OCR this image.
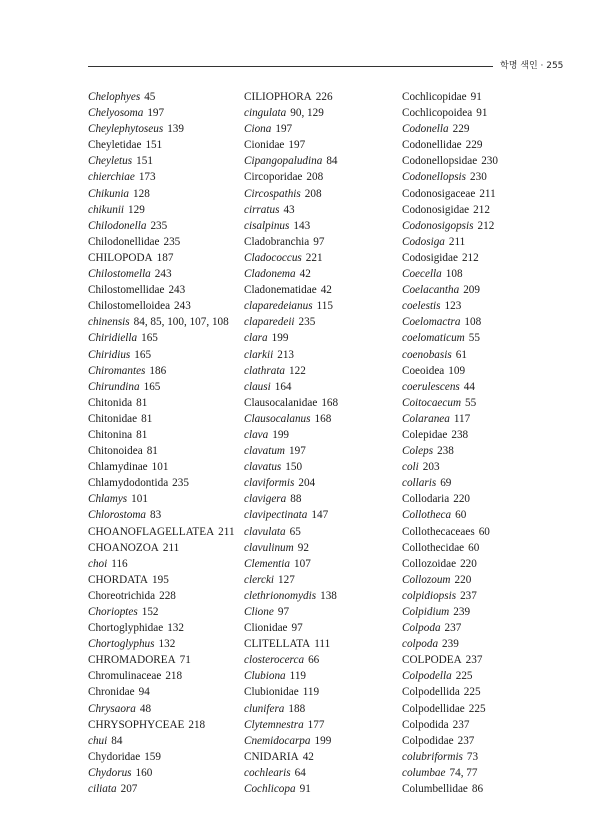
학명 색인 · 255
Chelophyes 45
Chelyosoma 197
Cheylephytoseus 139
Cheyletidae 151
Cheyletus 151
chierchiae 173
Chikunia 128
chikunii 129
Chilodonella 235
Chilodonellidae 235
CHILOPODA 187
Chilostomella 243
Chilostomellidae 243
Chilostomelloidea 243
chinensis 84, 85, 100, 107, 108
Chiridiella 165
Chiridius 165
Chiromantes 186
Chirundina 165
Chitonida 81
Chitonidae 81
Chitonina 81
Chitonoidea 81
Chlamydinae 101
Chlamydodontida 235
Chlamys 101
Chlorostoma 83
CHOANOFLAGELLATEA 211
CHOANOZOA 211
choi 116
CHORDATA 195
Choreotrichida 228
Chorioptes 152
Chortoglyphidae 132
Chortoglyphus 132
CHROMADOREA 71
Chromulinaceae 218
Chronidae 94
Chrysaora 48
CHRYSOPHYCEAE 218
chui 84
Chydoridae 159
Chydorus 160
ciliata 207
CILIOPHORA 226
cingulata 90, 129
Ciona 197
Cionidae 197
Cipangopaludina 84
Circoporidae 208
Circospathis 208
cirratus 43
cisalpinus 143
Cladobranchia 97
Cladococcus 221
Cladonema 42
Cladonematidae 42
claparedeianus 115
claparedeii 235
clara 199
clarkii 213
clathrata 122
clausi 164
Clausocalanidae 168
Clausocalanus 168
clava 199
clavatum 197
clavatus 150
claviformis 204
clavigera 88
clavipectinata 147
clavulata 65
clavulinum 92
Clementia 107
clercki 127
clethrionomydis 138
Clione 97
Clionidae 97
CLITELLATA 111
closterocerca 66
Clubiona 119
Clubionidae 119
clunifera 188
Clytemnestra 177
Cnemidocarpa 199
CNIDARIA 42
cochlearis 64
Cochlicopa 91
Cochlicopidae 91
Cochlicopoidea 91
Codonella 229
Codonellidae 229
Codonellopsidae 230
Codonellopsis 230
Codonosigaceae 211
Codonosigidae 212
Codonosigopsis 212
Codosiga 211
Codosigidae 212
Coecella 108
Coelacantha 209
coelestis 123
Coelomactra 108
coelomaticum 55
coenobasis 61
Coeoidea 109
coerulescens 44
Coitocaecum 55
Colaranea 117
Colepidae 238
Coleps 238
coli 203
collaris 69
Collodaria 220
Collotheca 60
Collothecaceaes 60
Collothecidae 60
Collozoidae 220
Collozoum 220
colpidiopsis 237
Colpidium 239
Colpoda 237
colpoda 239
COLPODEA 237
Colpodella 225
Colpodellida 225
Colpodellidae 225
Colpodida 237
Colpodidae 237
colubriformis 73
columbae 74, 77
Columbellidae 86
